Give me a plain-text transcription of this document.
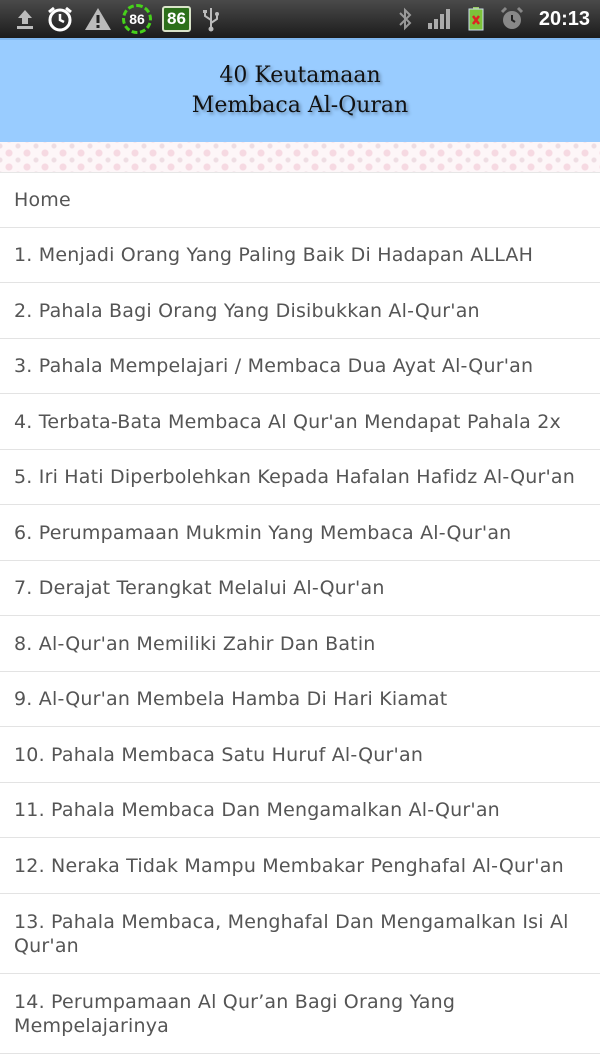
86	86	20:13
40 Keutamaan
Membaca Al-Quran
Home
1. Menjadi Orang Yang Paling Baik Di Hadapan ALLAH
2. Pahala Bagi Orang Yang Disibukkan Al-Qur'an
3. Pahala Mempelajari / Membaca Dua Ayat Al-Qur'an
4. Terbata-Bata Membaca Al Qur'an Mendapat Pahala 2x
5. Iri Hati Diperbolehkan Kepada Hafalan Hafidz Al-Qur'an
6. Perumpamaan Mukmin Yang Membaca Al-Qur'an
7. Derajat Terangkat Melalui Al-Qur'an
8. Al-Qur'an Memiliki Zahir Dan Batin
9. Al-Qur'an Membela Hamba Di Hari Kiamat
10. Pahala Membaca Satu Huruf Al-Qur'an
11. Pahala Membaca Dan Mengamalkan Al-Qur'an
12. Neraka Tidak Mampu Membakar Penghafal Al-Qur'an
13. Pahala Membaca, Menghafal Dan Mengamalkan Isi Al Qur'an
14. Perumpamaan Al Qur’an Bagi Orang Yang Mempelajarinya
